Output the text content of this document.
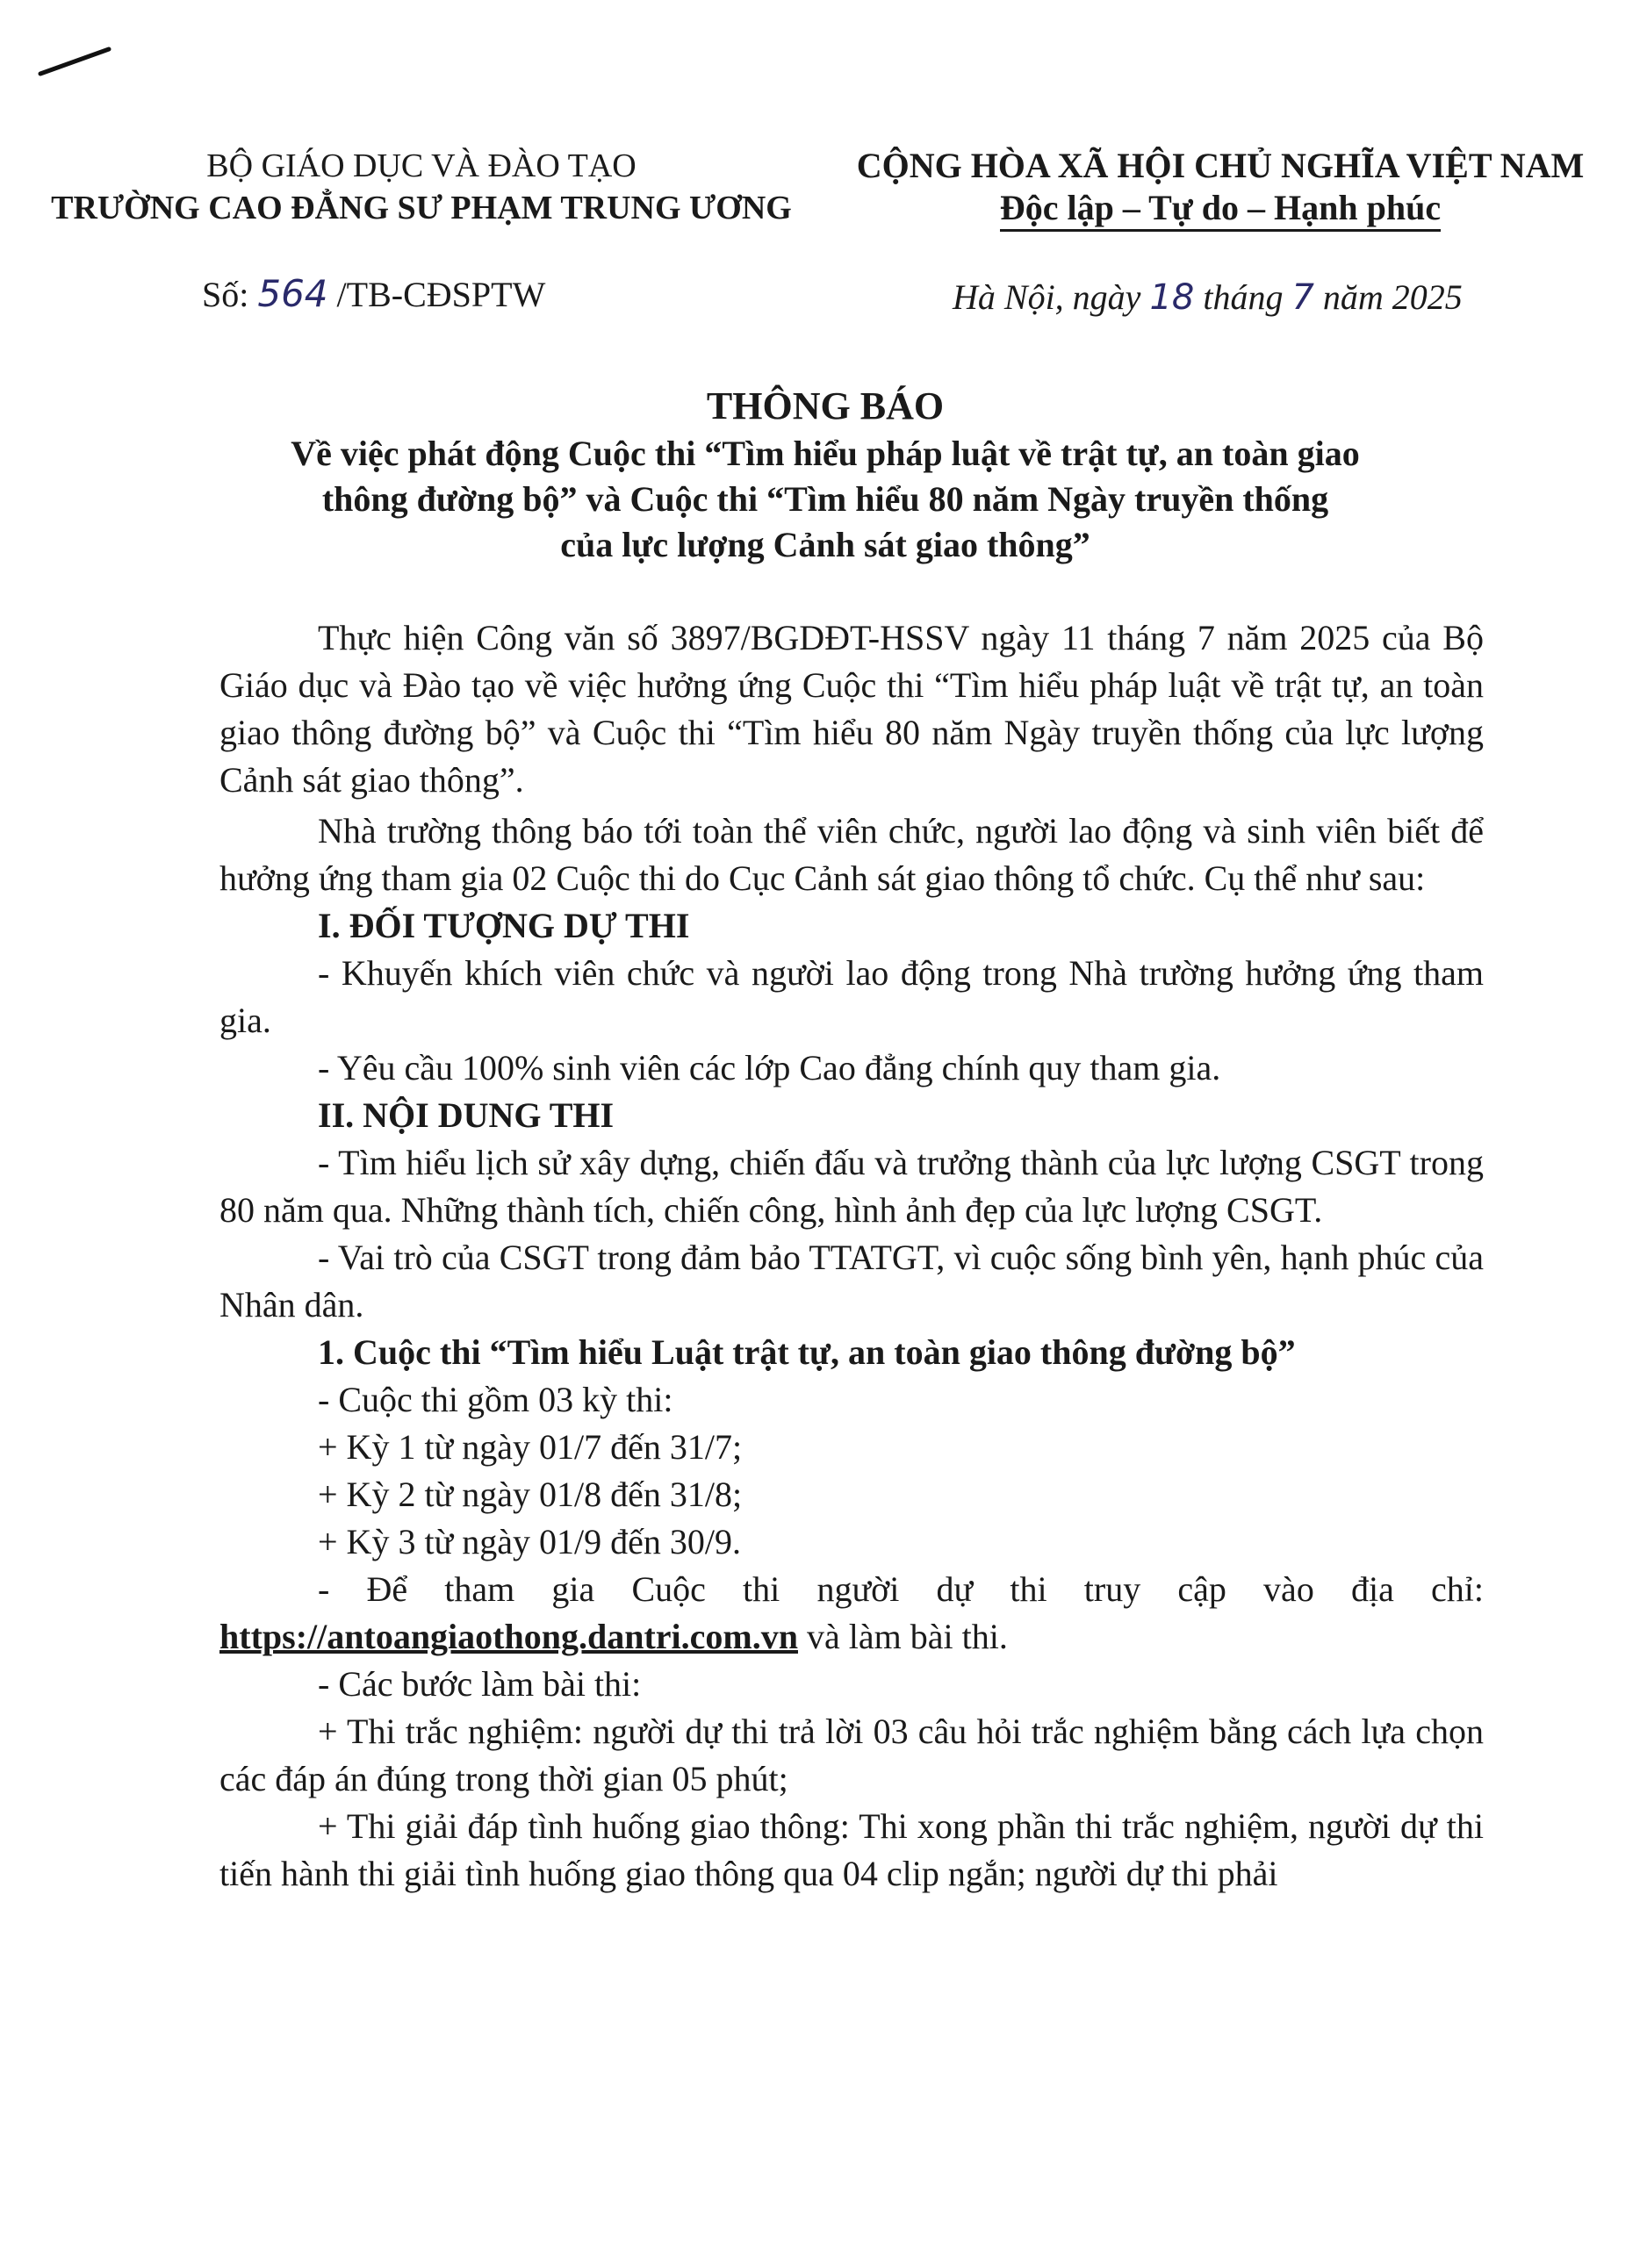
BỘ GIÁO DỤC VÀ ĐÀO TẠO
TRƯỜNG CAO ĐẲNG SƯ PHẠM TRUNG ƯƠNG
CỘNG HÒA XÃ HỘI CHỦ NGHĨA VIỆT NAM
Độc lập – Tự do – Hạnh phúc
Số: 564 /TB-CĐSPTW	Hà Nội, ngày 18 tháng 7 năm 2025
THÔNG BÁO
Về việc phát động Cuộc thi “Tìm hiểu pháp luật về trật tự, an toàn giao
thông đường bộ” và Cuộc thi “Tìm hiểu 80 năm Ngày truyền thống
của lực lượng Cảnh sát giao thông”

Thực hiện Công văn số 3897/BGDĐT-HSSV ngày 11 tháng 7 năm 2025 của Bộ Giáo dục và Đào tạo về việc hưởng ứng Cuộc thi “Tìm hiểu pháp luật về trật tự, an toàn giao thông đường bộ” và Cuộc thi “Tìm hiểu 80 năm Ngày truyền thống của lực lượng Cảnh sát giao thông”.

Nhà trường thông báo tới toàn thể viên chức, người lao động và sinh viên biết để hưởng ứng tham gia 02 Cuộc thi do Cục Cảnh sát giao thông tổ chức. Cụ thể như sau:

I. ĐỐI TƯỢNG DỰ THI

- Khuyến khích viên chức và người lao động trong Nhà trường hưởng ứng tham gia.

- Yêu cầu 100% sinh viên các lớp Cao đẳng chính quy tham gia.

II. NỘI DUNG THI

- Tìm hiểu lịch sử xây dựng, chiến đấu và trưởng thành của lực lượng CSGT trong 80 năm qua. Những thành tích, chiến công, hình ảnh đẹp của lực lượng CSGT.

- Vai trò của CSGT trong đảm bảo TTATGT, vì cuộc sống bình yên, hạnh phúc của Nhân dân.

1. Cuộc thi “Tìm hiểu Luật trật tự, an toàn giao thông đường bộ”

- Cuộc thi gồm 03 kỳ thi:

+ Kỳ 1 từ ngày 01/7 đến 31/7;

+ Kỳ 2 từ ngày 01/8 đến 31/8;

+ Kỳ 3 từ ngày 01/9 đến 30/9.

- Để tham gia Cuộc thi người dự thi truy cập vào địa chỉ:

https://antoangiaothong.dantri.com.vn và làm bài thi.

- Các bước làm bài thi:

+ Thi trắc nghiệm: người dự thi trả lời 03 câu hỏi trắc nghiệm bằng cách lựa chọn các đáp án đúng trong thời gian 05 phút;

+ Thi giải đáp tình huống giao thông: Thi xong phần thi trắc nghiệm, người dự thi tiến hành thi giải tình huống giao thông qua 04 clip ngắn; người dự thi phải
